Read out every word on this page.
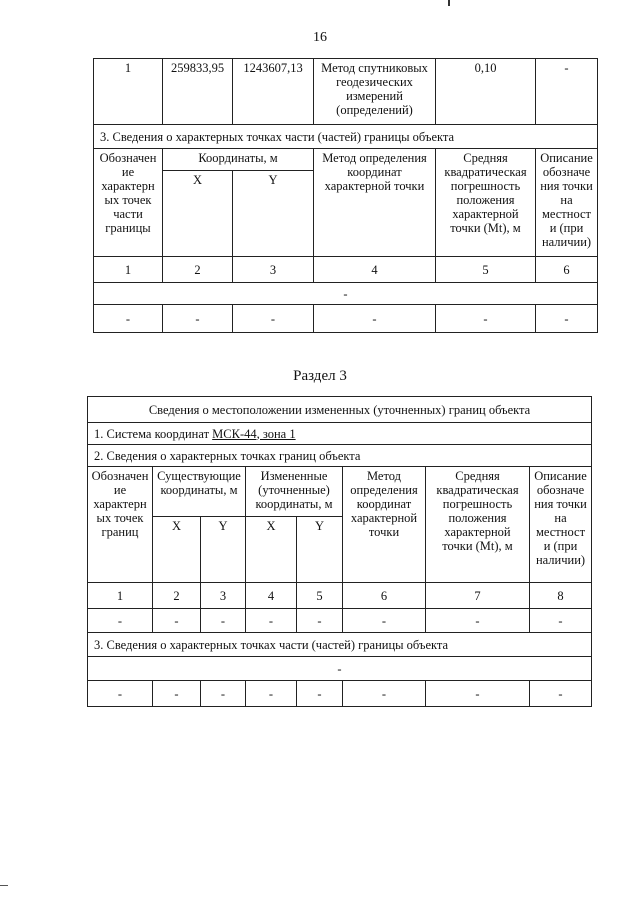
16
1	259833,95	1243607,13	Метод спутниковых геодезических измерений (определений)	0,10	-
3. Сведения о характерных точках части (частей) границы объекта					
Обозначен ие характерн ых точек части границы	Координаты, м		Метод определения координат характерной точки	Средняя квадратическая погрешность положения характерной точки (Mt), м	Описание обозначе ния точки на местност и (при наличии)
	X	Y			
1	2	3	4	5	6
-					
-	-	-	-	-	-
Раздел 3
Сведения о местоположении измененных (уточненных) границ объекта							
1. Система координат МСК-44, зона 1							
2. Сведения о характерных точках границ объекта							
Обозначен ие характерн ых точек границ	Существующие координаты, м		Измененные (уточненные) координаты, м		Метод определения координат характерной точки	Средняя квадратическая погрешность положения характерной точки (Mt), м	Описание обозначе ния точки на местност и (при наличии)
	X	Y	X	Y			
1	2	3	4	5	6	7	8
-	-	-	-	-	-	-	-
3. Сведения о характерных точках части (частей) границы объекта							
-							
-	-	-	-	-	-	-	-
